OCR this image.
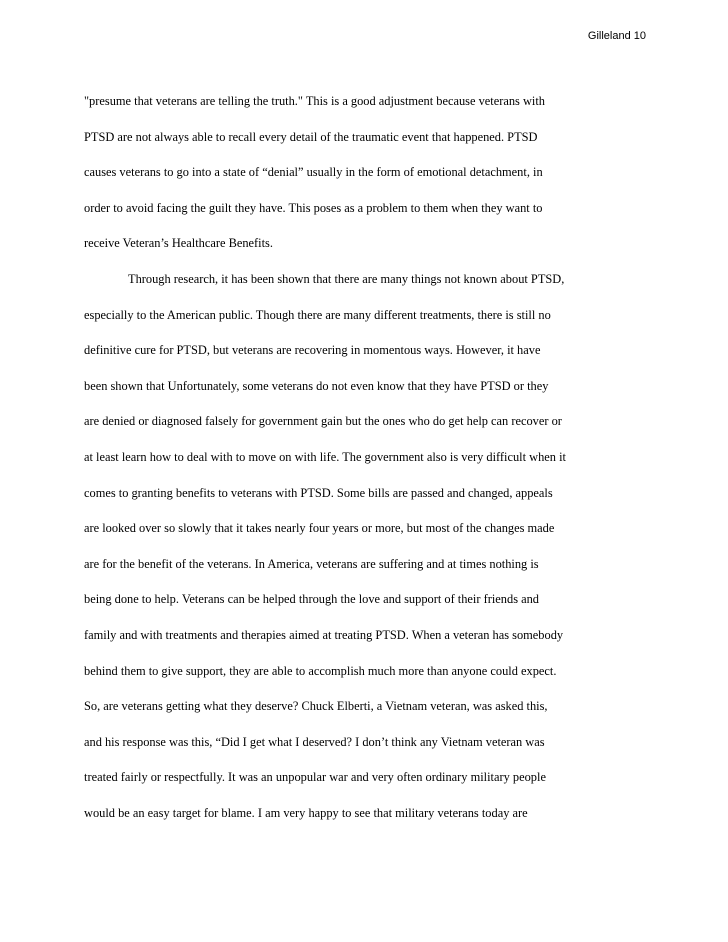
Gilleland 10
"presume that veterans are telling the truth." This is a good adjustment because veterans with
PTSD are not always able to recall every detail of the traumatic event that happened. PTSD
causes veterans to go into a state of “denial” usually in the form of emotional detachment, in
order to avoid facing the guilt they have. This poses as a problem to them when they want to
receive Veteran’s Healthcare Benefits.
Through research, it has been shown that there are many things not known about PTSD,
especially to the American public. Though there are many different treatments, there is still no
definitive cure for PTSD, but veterans are recovering in momentous ways. However, it have
been shown that Unfortunately, some veterans do not even know that they have PTSD or they
are denied or diagnosed falsely for government gain but the ones who do get help can recover or
at least learn how to deal with to move on with life. The government also is very difficult when it
comes to granting benefits to veterans with PTSD. Some bills are passed and changed, appeals
are looked over so slowly that it takes nearly four years or more, but most of the changes made
are for the benefit of the veterans. In America, veterans are suffering and at times nothing is
being done to help. Veterans can be helped through the love and support of their friends and
family and with treatments and therapies aimed at treating PTSD. When a veteran has somebody
behind them to give support, they are able to accomplish much more than anyone could expect.
So, are veterans getting what they deserve? Chuck Elberti, a Vietnam veteran, was asked this,
and his response was this, “Did I get what I deserved? I don’t think any Vietnam veteran was
treated fairly or respectfully. It was an unpopular war and very often ordinary military people
would be an easy target for blame. I am very happy to see that military veterans today are
